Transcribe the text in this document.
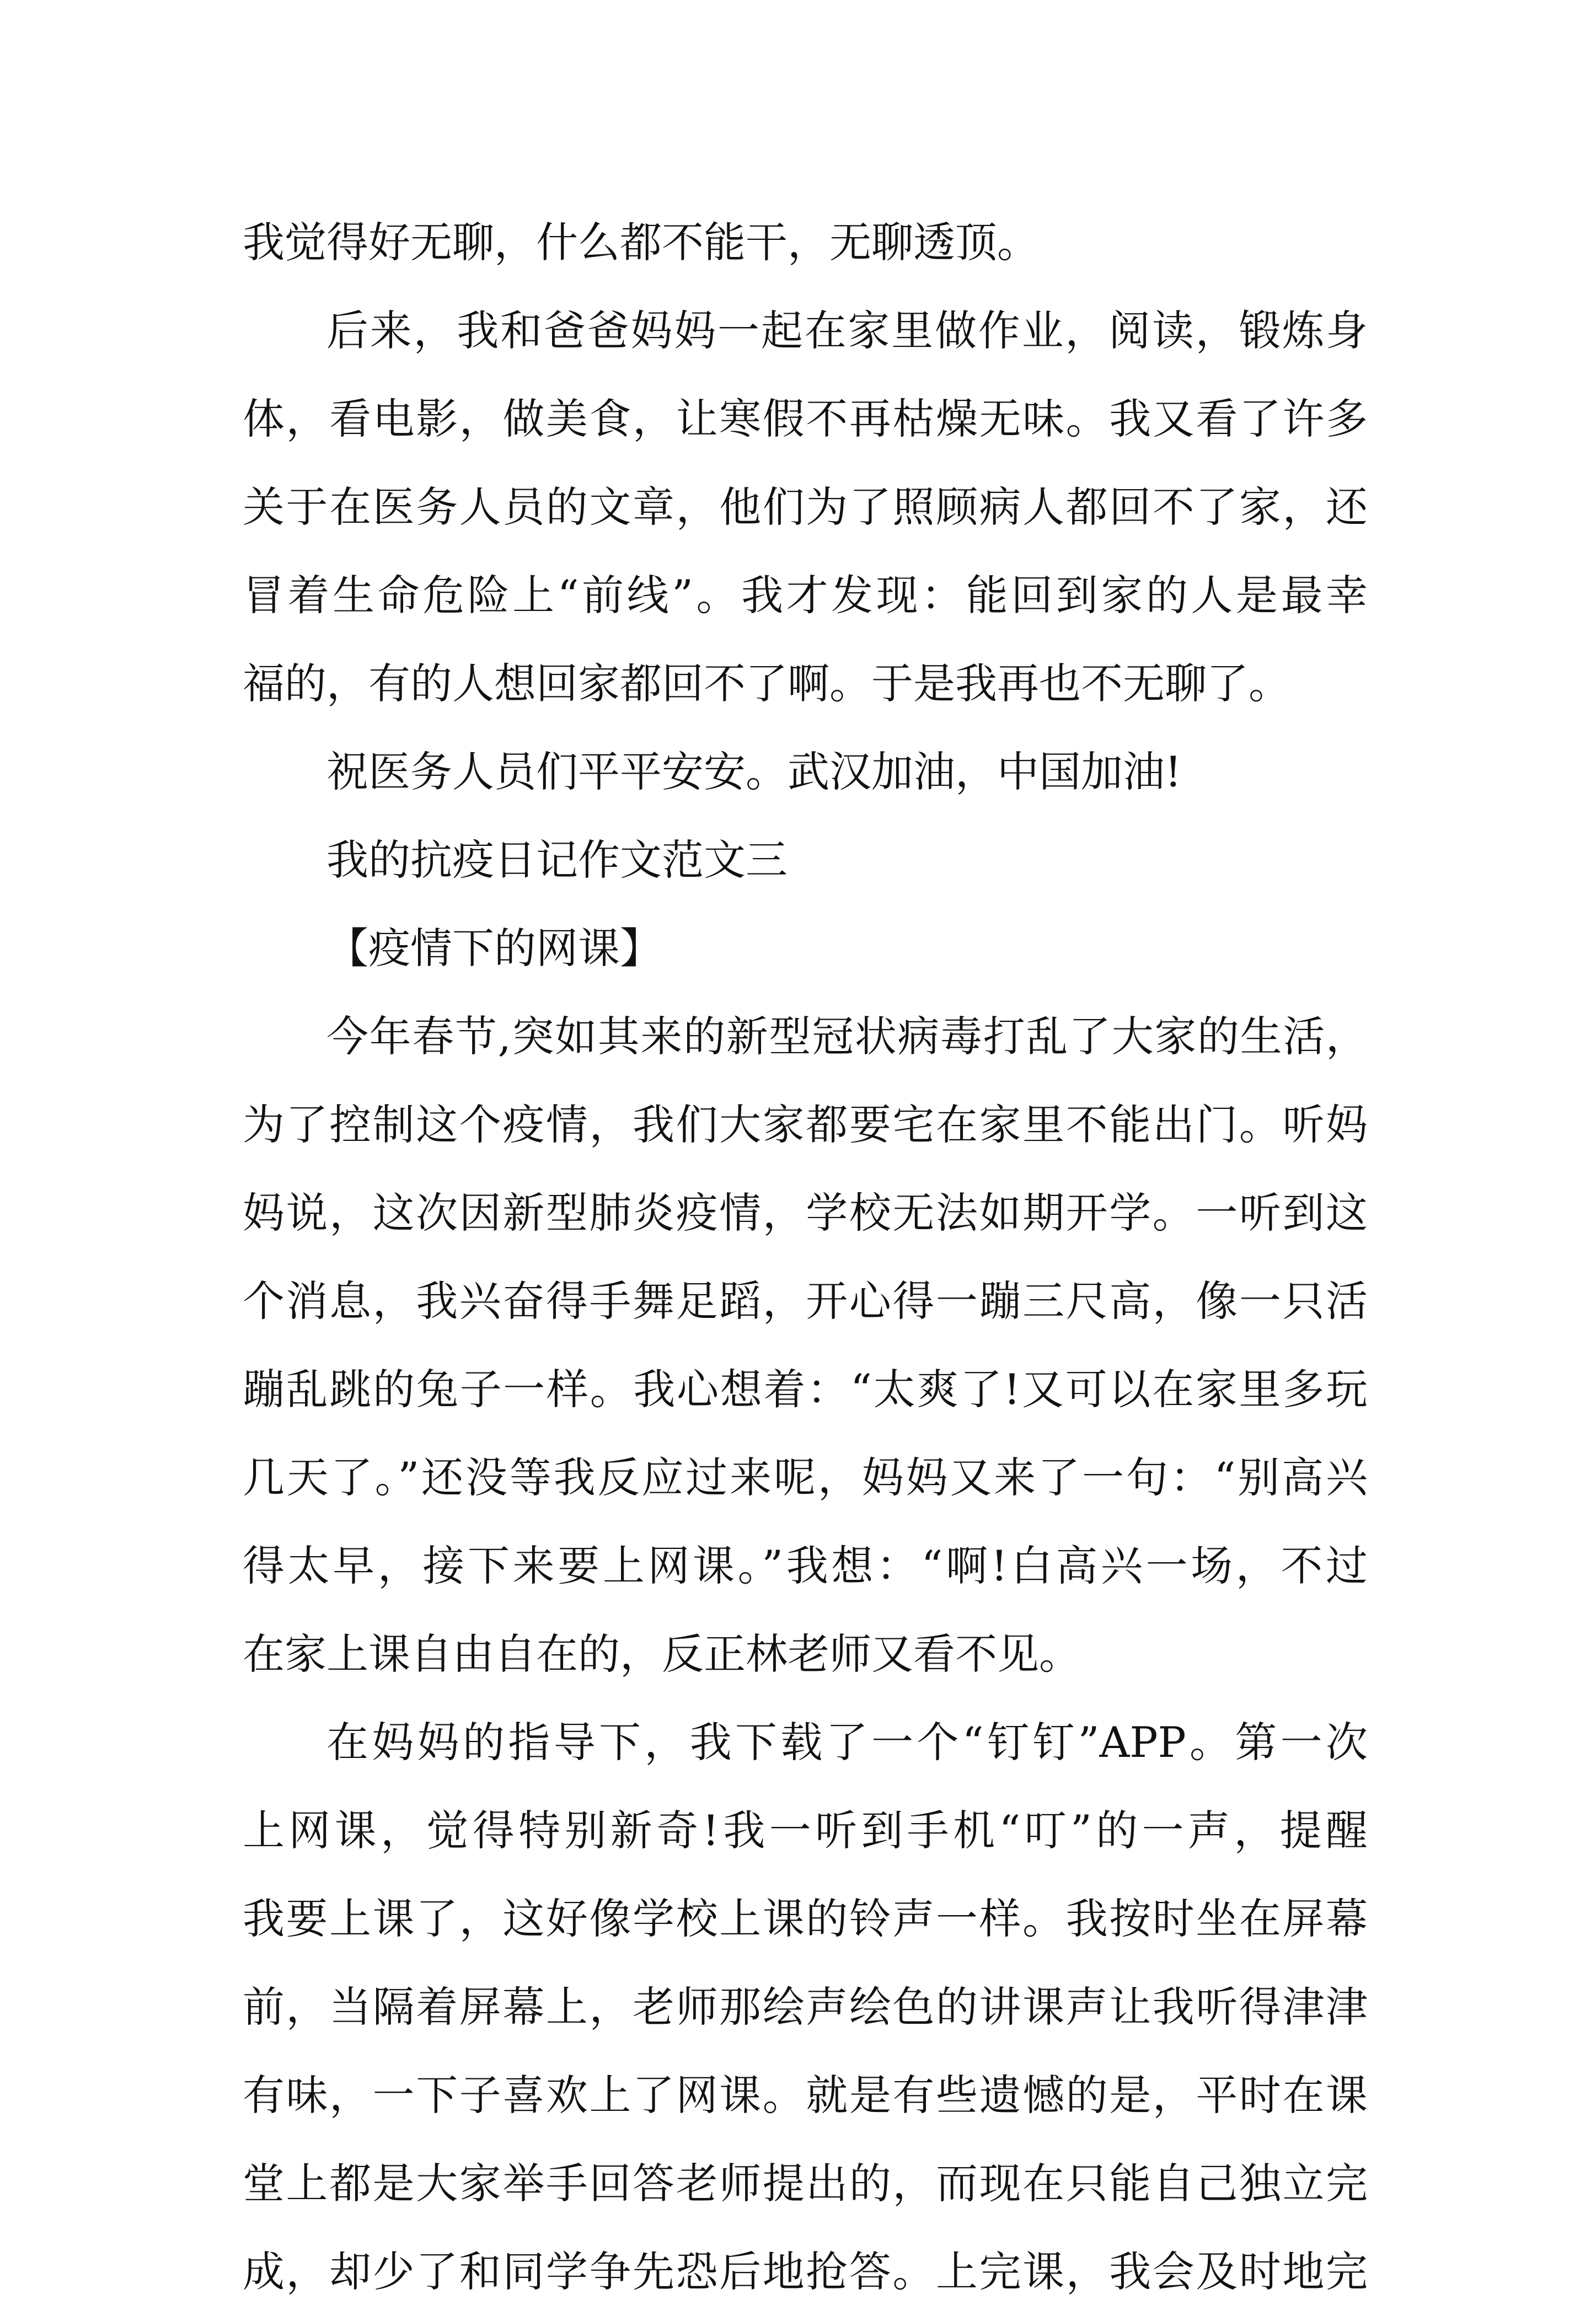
我觉得好无聊，什么都不能干，无聊透顶。
后来，我和爸爸妈妈一起在家里做作业，阅读，锻炼身
体，看电影，做美食，让寒假不再枯燥无味。我又看了许多
关于在医务人员的文章，他们为了照顾病人都回不了家，还
冒着生命危险上“前线”。我才发现：能回到家的人是最幸
福的，有的人想回家都回不了啊。于是我再也不无聊了。
祝医务人员们平平安安。武汉加油，中国加油!
我的抗疫日记作文范文三
【疫情下的网课】
今年春节,突如其来的新型冠状病毒打乱了大家的生活，
为了控制这个疫情，我们大家都要宅在家里不能出门。听妈
妈说，这次因新型肺炎疫情，学校无法如期开学。一听到这
个消息，我兴奋得手舞足蹈，开心得一蹦三尺高，像一只活
蹦乱跳的兔子一样。我心想着：“太爽了!又可以在家里多玩
几天了。”还没等我反应过来呢，妈妈又来了一句：“别高兴
得太早，接下来要上网课。”我想：“啊!白高兴一场，不过
在家上课自由自在的，反正林老师又看不见。
在妈妈的指导下，我下载了一个“钉钉”APP。第一次
上网课，觉得特别新奇!我一听到手机“叮”的一声，提醒
我要上课了，这好像学校上课的铃声一样。我按时坐在屏幕
前，当隔着屏幕上，老师那绘声绘色的讲课声让我听得津津
有味，一下子喜欢上了网课。就是有些遗憾的是，平时在课
堂上都是大家举手回答老师提出的，而现在只能自己独立完
成，却少了和同学争先恐后地抢答。上完课，我会及时地完
